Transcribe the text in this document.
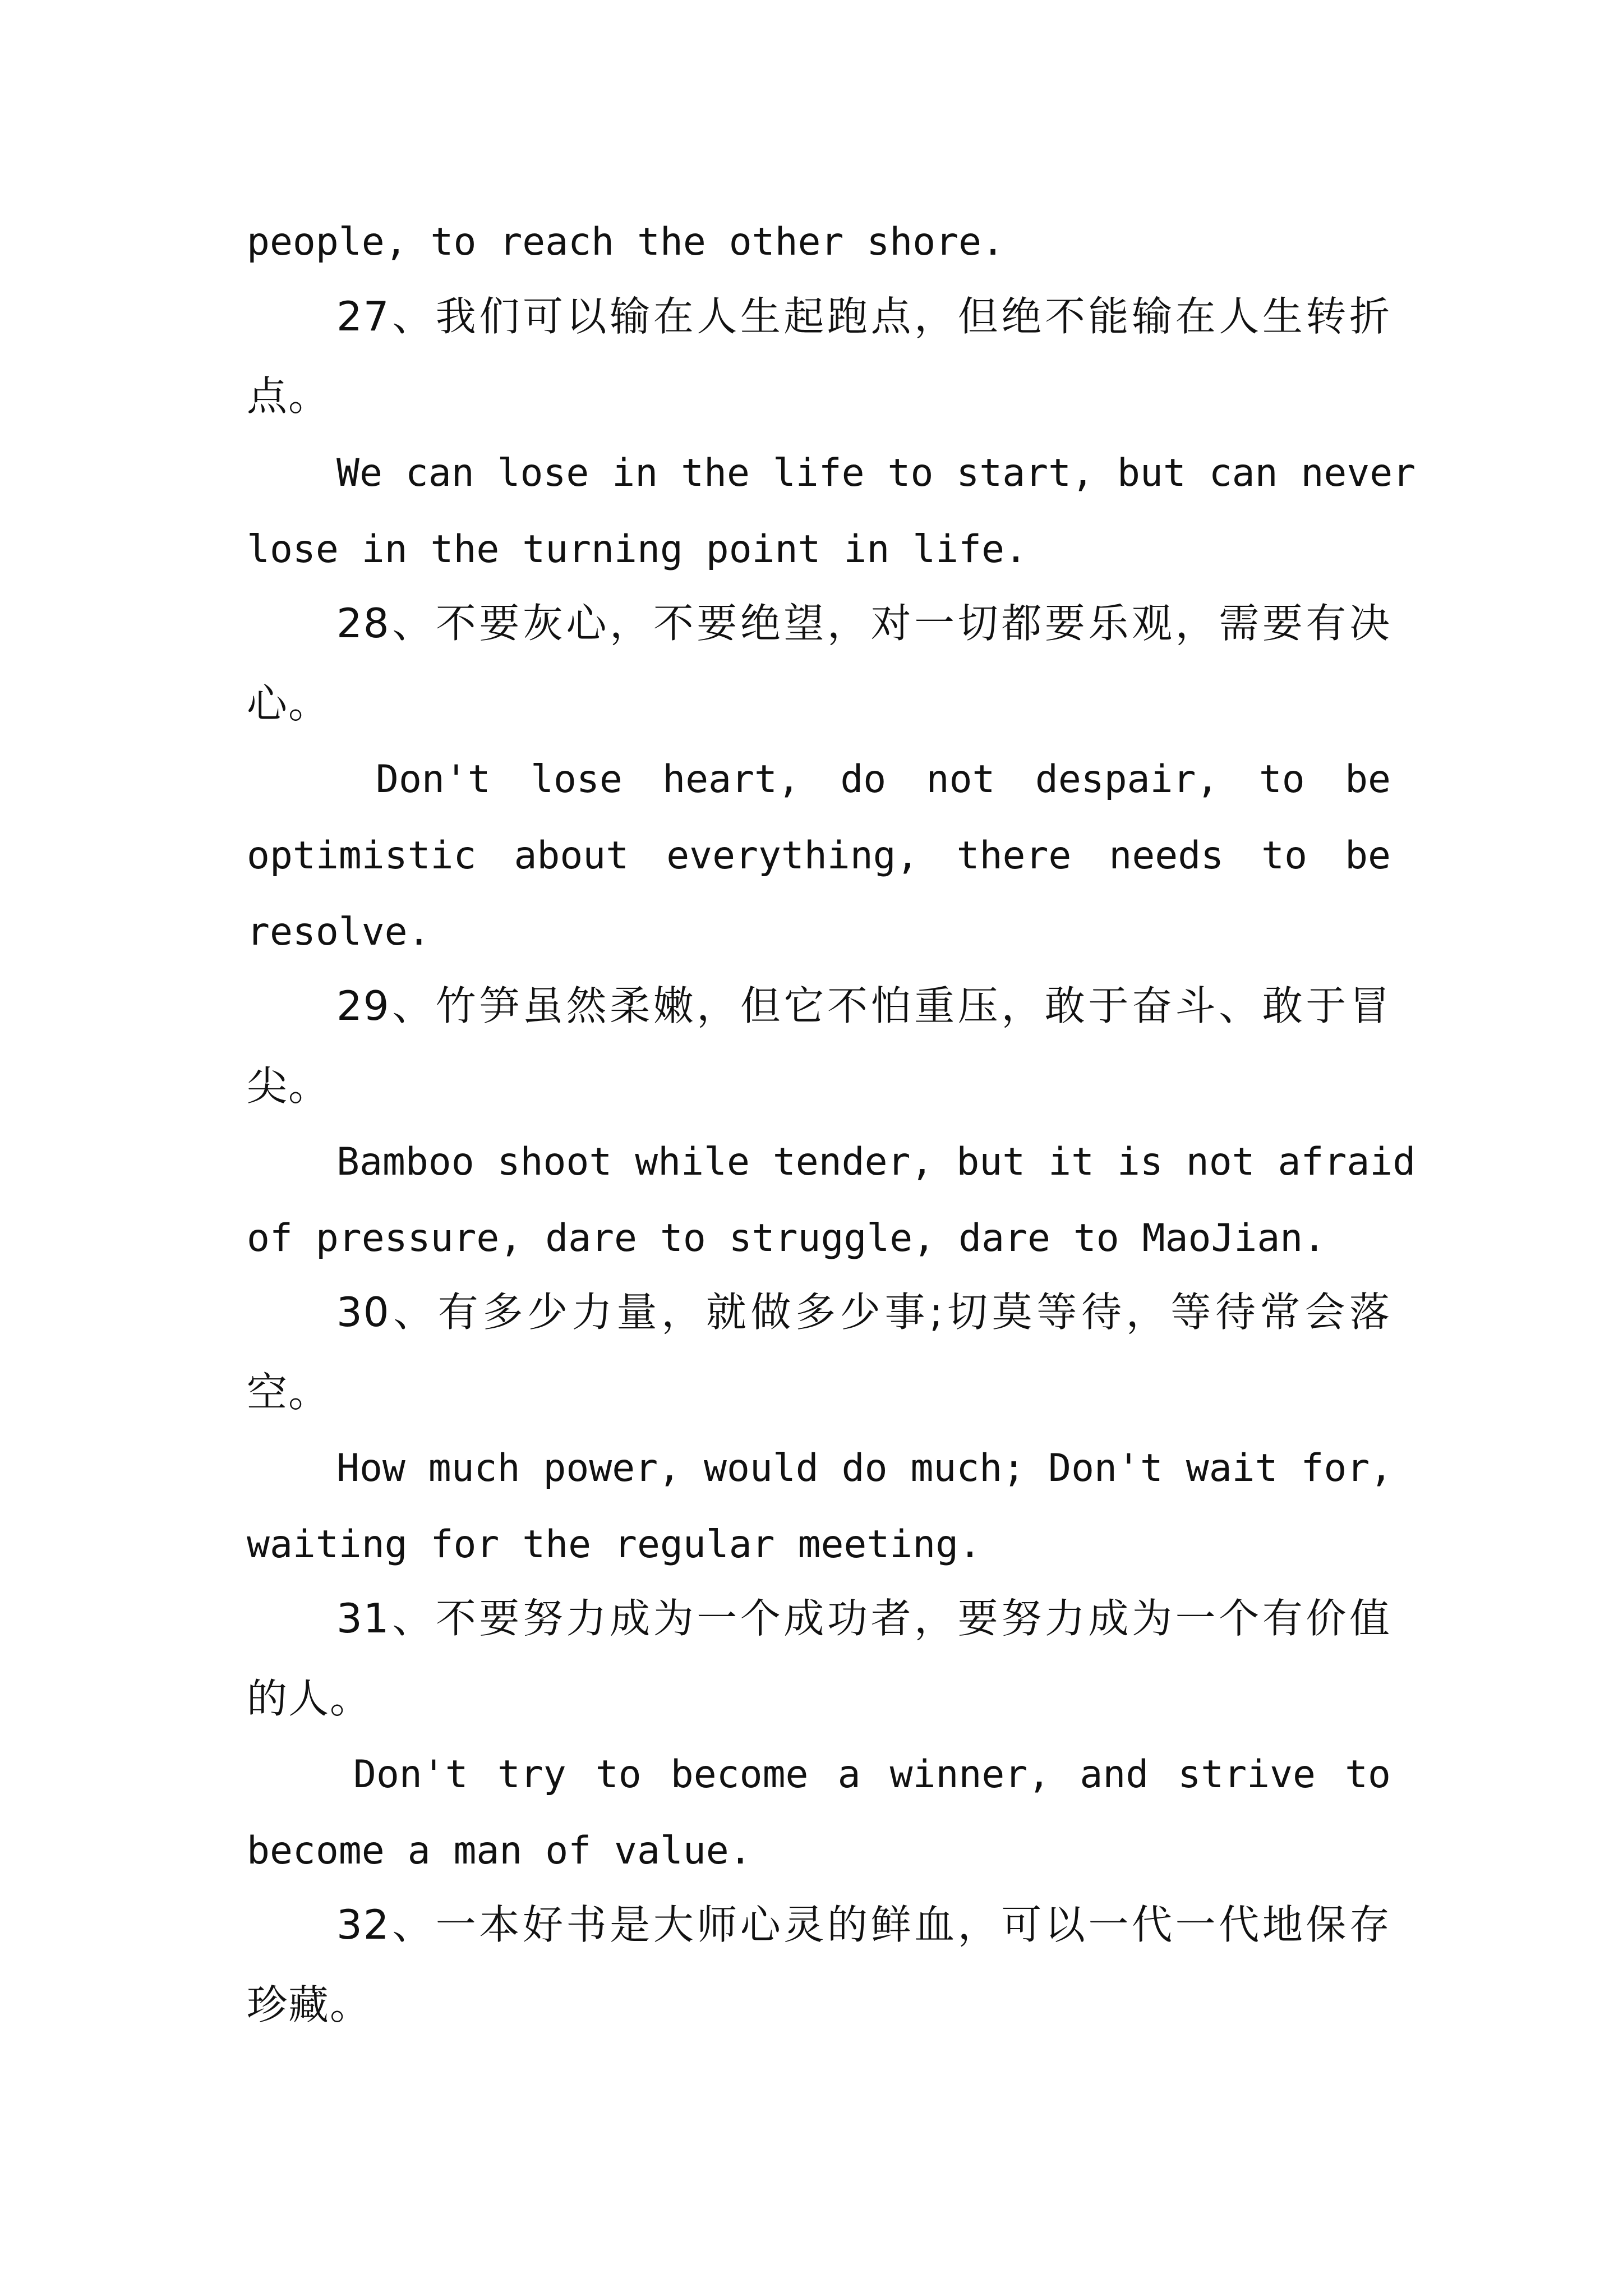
people, to reach the other shore.

27、我们可以输在人生起跑点，但绝不能输在人生转折

点。

We can lose in the life to start, but can never

lose in the turning point in life.

28、不要灰心，不要绝望，对一切都要乐观，需要有决

心。

Don't lose heart, do not despair, to be

optimistic about everything, there needs to be

resolve.

29、竹笋虽然柔嫩，但它不怕重压，敢于奋斗、敢于冒

尖。

Bamboo shoot while tender, but it is not afraid

of pressure, dare to struggle, dare to MaoJian.

30、有多少力量，就做多少事;切莫等待，等待常会落

空。

How much power, would do much; Don't wait for,

waiting for the regular meeting.

31、不要努力成为一个成功者，要努力成为一个有价值

的人。

Don't try to become a winner, and strive to

become a man of value.

32、一本好书是大师心灵的鲜血，可以一代一代地保存

珍藏。
